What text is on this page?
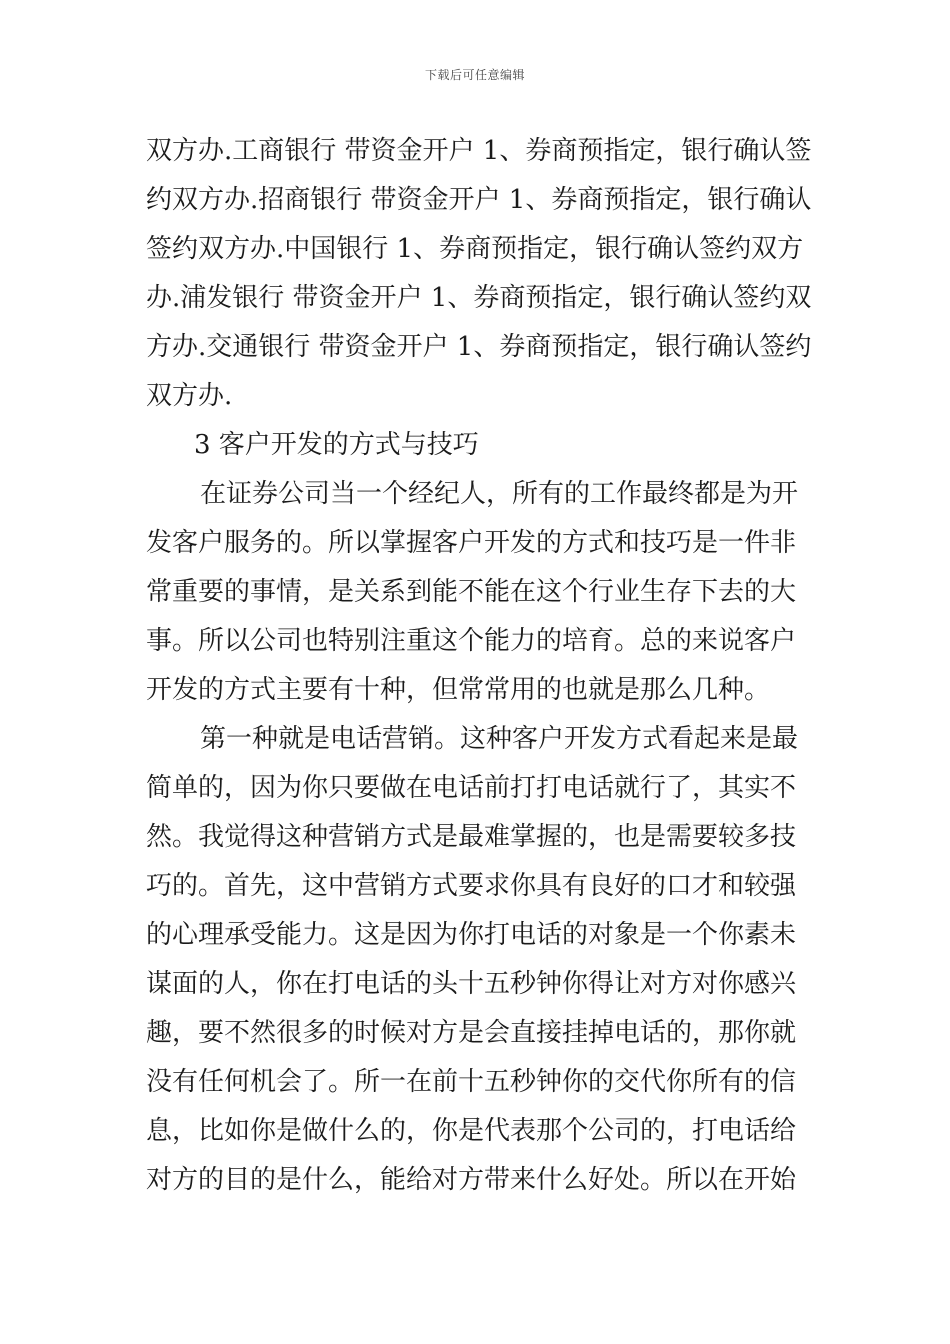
下载后可任意编辑
双方办.工商银行 带资金开户 1、券商预指定，银行确认签
约双方办.招商银行 带资金开户 1、券商预指定，银行确认
签约双方办.中国银行 1、券商预指定，银行确认签约双方
办.浦发银行 带资金开户 1、券商预指定，银行确认签约双
方办.交通银行 带资金开户 1、券商预指定，银行确认签约
双方办.
3 客户开发的方式与技巧
在证券公司当一个经纪人，所有的工作最终都是为开
发客户服务的。所以掌握客户开发的方式和技巧是一件非
常重要的事情，是关系到能不能在这个行业生存下去的大
事。所以公司也特别注重这个能力的培育。总的来说客户
开发的方式主要有十种，但常常用的也就是那么几种。
第一种就是电话营销。这种客户开发方式看起来是最
简单的，因为你只要做在电话前打打电话就行了，其实不
然。我觉得这种营销方式是最难掌握的，也是需要较多技
巧的。首先，这中营销方式要求你具有良好的口才和较强
的心理承受能力。这是因为你打电话的对象是一个你素未
谋面的人，你在打电话的头十五秒钟你得让对方对你感兴
趣，要不然很多的时候对方是会直接挂掉电话的，那你就
没有任何机会了。所一在前十五秒钟你的交代你所有的信
息，比如你是做什么的，你是代表那个公司的，打电话给
对方的目的是什么，能给对方带来什么好处。所以在开始
